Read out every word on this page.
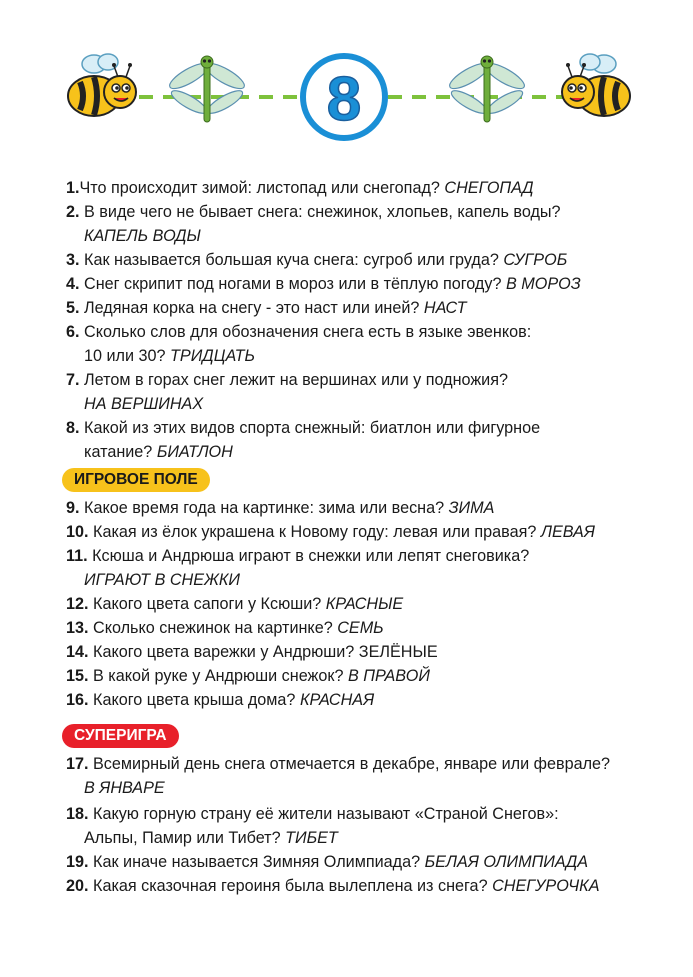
8

1.Что происходит зимой: листопад или снегопад? СНЕГОПАД

2. В виде чего не бывает снега: снежинок, хлопьев, капель воды?

КАПЕЛЬ ВОДЫ

3. Как называется большая куча снега: сугроб или груда? СУГРОБ

4. Снег скрипит под ногами в мороз или в тёплую погоду? В МОРОЗ

5. Ледяная корка на снегу - это наст или иней? НАСТ

6. Сколько слов для обозначения снега есть в языке эвенков:

10 или 30? ТРИДЦАТЬ

7. Летом в горах снег лежит на вершинах или у подножия?

НА ВЕРШИНАХ

8. Какой из этих видов спорта снежный: биатлон или фигурное

катание? БИАТЛОН
ИГРОВОЕ ПОЛЕ

9. Какое время года на картинке: зима или весна? ЗИМА

10. Какая из ёлок украшена к Новому году: левая или правая? ЛЕВАЯ

11. Ксюша и Андрюша играют в снежки или лепят снеговика?

ИГРАЮТ В СНЕЖКИ

12. Какого цвета сапоги у Ксюши? КРАСНЫЕ

13. Сколько снежинок на картинке? СЕМЬ

14. Какого цвета варежки у Андрюши? ЗЕЛЁНЫЕ

15. В какой руке у Андрюши снежок? В ПРАВОЙ

16. Какого цвета крыша дома? КРАСНАЯ

СУПЕРИГРА

17. Всемирный день снега отмечается в декабре, январе или феврале?

В ЯНВАРЕ

18. Какую горную страну её жители называют «Страной Снегов»:

Альпы, Памир или Тибет? ТИБЕТ

19. Как иначе называется Зимняя Олимпиада? БЕЛАЯ ОЛИМПИАДА

20. Какая сказочная героиня была вылеплена из снега? СНЕГУРОЧКА
